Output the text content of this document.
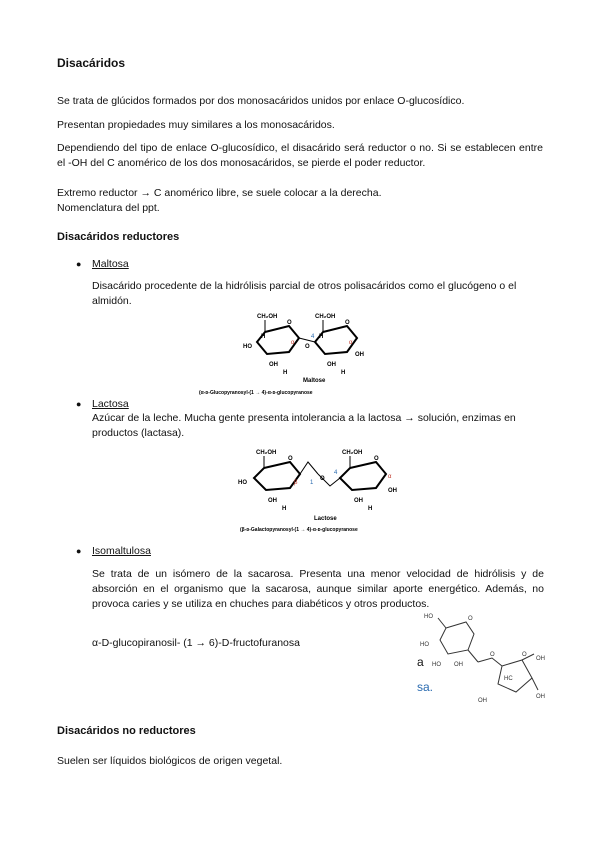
Disacáridos

Se trata de glúcidos formados por dos monosacáridos unidos por enlace O-glucosídico.

Presentan propiedades muy similares a los monosacáridos.

Dependiendo del tipo de enlace O-glucosídico, el disacárido será reductor o no. Si se establecen entre el -OH del C anomérico de los dos monosacáridos, se pierde el poder reductor.

Extremo reductor → C anomérico libre, se suele colocar a la derecha.

Nomenclatura del ppt.

Disacáridos reductores
● Maltosa

Disacárido procedente de la hidrólisis parcial de otros polisacáridos como el glucógeno o el almidón.

CH₂OH	CH₂OH
O	O
O
α	α
4
HO
OH	OH
OH
H	H
H	H
Maltose
(α-ᴅ-Glucopyranosyl-(1 → 4)-α-ᴅ-glucopyranose
● Lactosa

Azúcar de la leche. Mucha gente presenta intolerancia a la lactosa → solución, enzimas en productos (lactasa).

CH₂OH	CH₂OH
O	O
O
β 1
4
α
HO
OH	OH
OH
H	H
Lactose
(β-ᴅ-Galactopyranosyl-(1 → 4)-α-ᴅ-glucopyranose
● Isomaltulosa

Se trata de un isómero de la sacarosa. Presenta una menor velocidad de hidrólisis y de absorción en el organismo que la sacarosa, aunque similar aporte energético. Además, no provoca caries y se utiliza en chuches para diabéticos y otros productos.

α-D-glucopiranosil- (1 → 6)-D-fructofuranosa

a
sa.
HO	O
HO
HO OH
O	O
OH
HC
OH
OH
Disacáridos no reductores

Suelen ser líquidos biológicos de origen vegetal.
